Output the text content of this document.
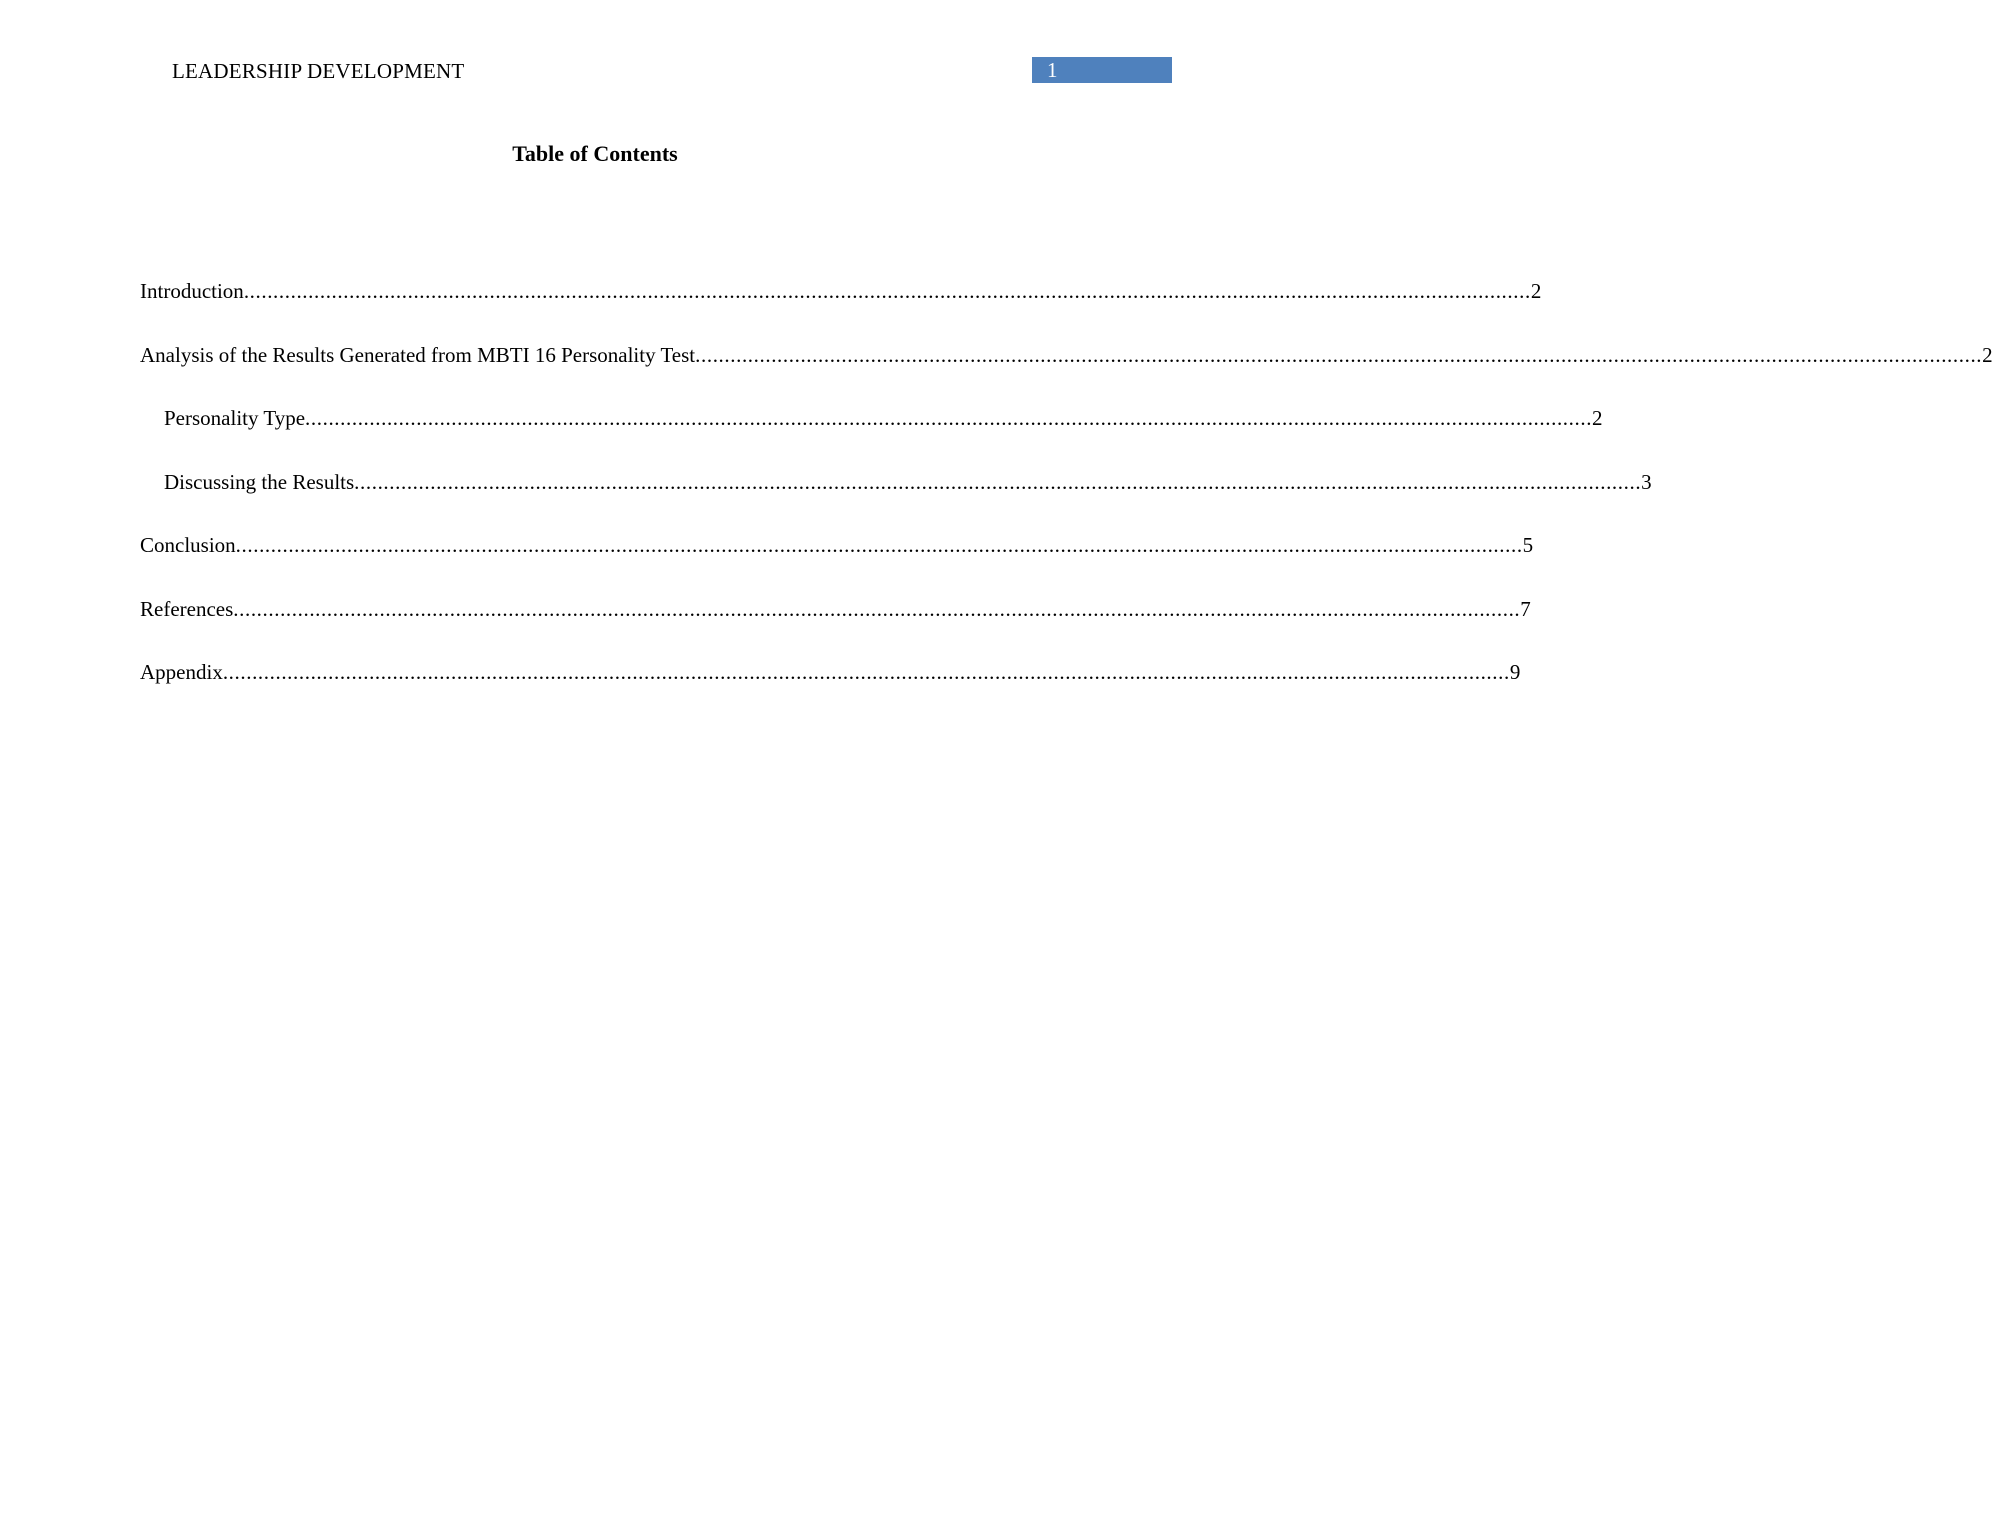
LEADERSHIP DEVELOPMENT	1
Table of Contents
Introduction ............................................................................................................................................................................................................................ 2
Analysis of the Results Generated from MBTI 16 Personality Test ............................................................................................................................................................................................................................ 2
Personality Type ............................................................................................................................................................................................................................ 2
Discussing the Results ............................................................................................................................................................................................................................ 3
Conclusion ............................................................................................................................................................................................................................ 5
References ............................................................................................................................................................................................................................ 7
Appendix ............................................................................................................................................................................................................................ 9
